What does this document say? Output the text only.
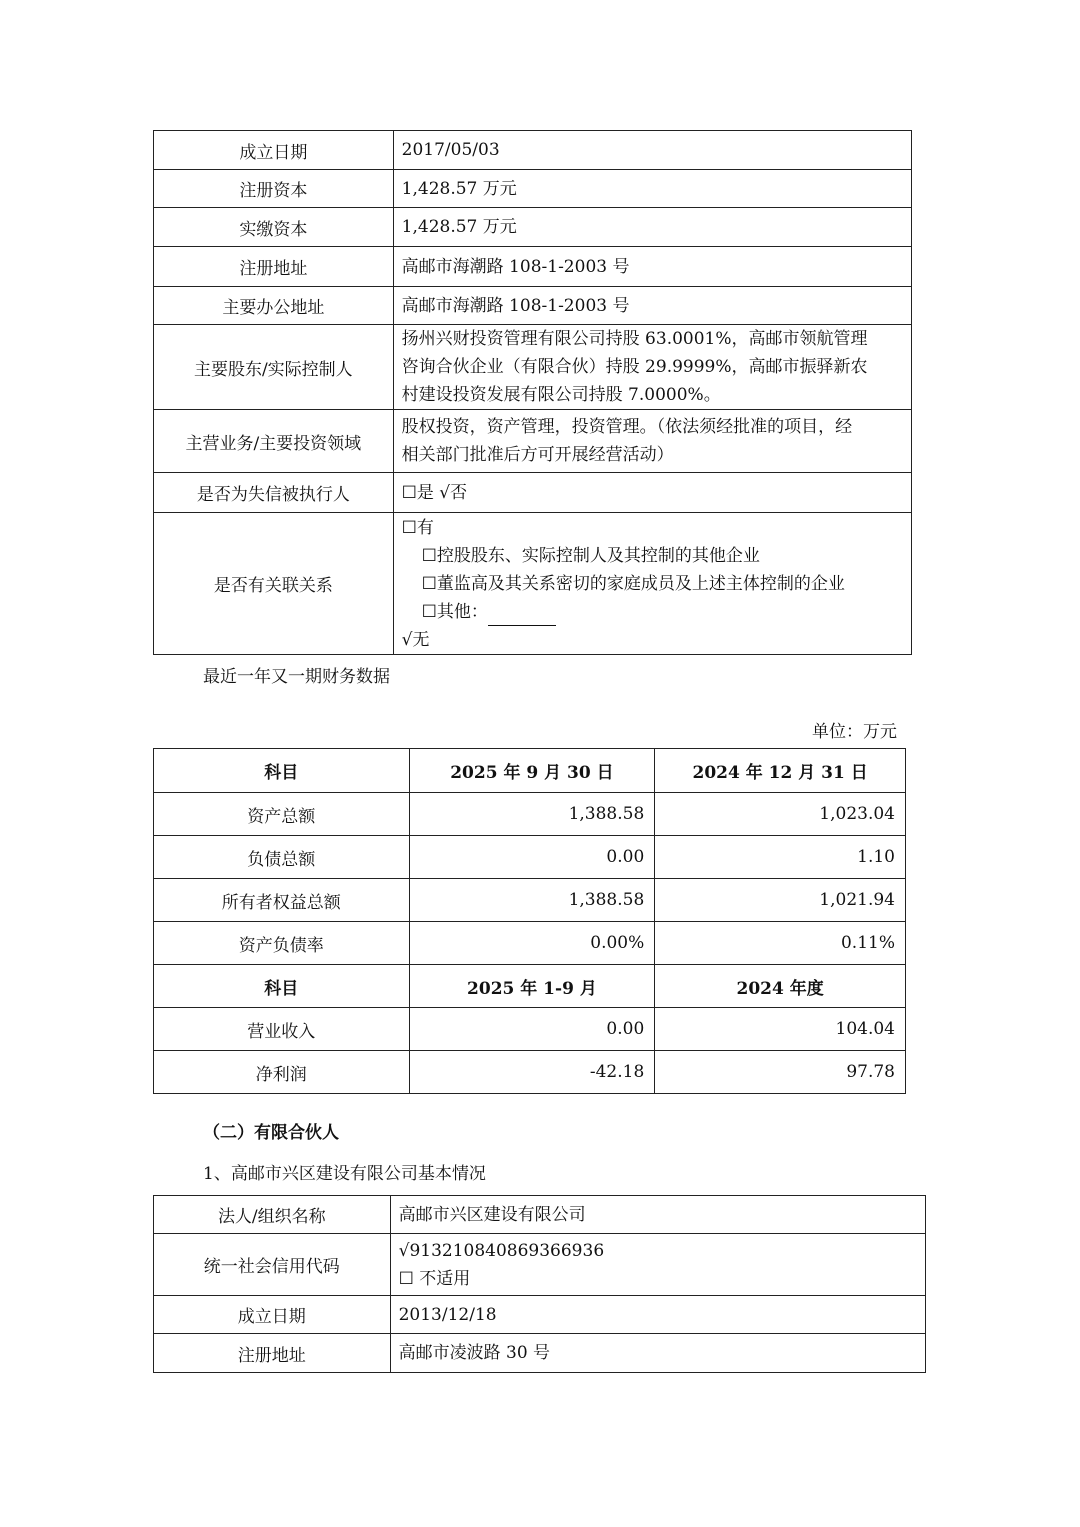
成立日期	2017/05/03
注册资本	1,428.57 万元
实缴资本	1,428.57 万元
注册地址	高邮市海潮路 108-1-2003 号
主要办公地址	高邮市海潮路 108-1-2003 号
主要股东/实际控制人	扬州兴财投资管理有限公司持股 63.0001%，高邮市领航管理
咨询合伙企业（有限合伙）持股 29.9999%，高邮市振驿新农
村建设投资发展有限公司持股 7.0000%。

主营业务/主要投资领域	股权投资，资产管理，投资管理。（依法须经批准的项目，经
相关部门批准后方可开展经营活动）

是否为失信被执行人	☐是 √否
是否有关联关系	☐有
☐控股股东、实际控制人及其控制的其他企业
☐董监高及其关系密切的家庭成员及上述主体控制的企业
☐其他：
√无
最近一年又一期财务数据
单位：万元
科目	2025 年 9 月 30 日	2024 年 12 月 31 日
资产总额	1,388.58	1,023.04
负债总额	0.00	1.10
所有者权益总额	1,388.58	1,021.94
资产负债率	0.00%	0.11%
科目	2025 年 1-9 月	2024 年度
营业收入	0.00	104.04
净利润	-42.18	97.78
（二）有限合伙人
1、高邮市兴区建设有限公司基本情况
法人/组织名称	高邮市兴区建设有限公司
统一社会信用代码	√913210840869366936
☐ 不适用

成立日期	2013/12/18
注册地址	高邮市凌波路 30 号
